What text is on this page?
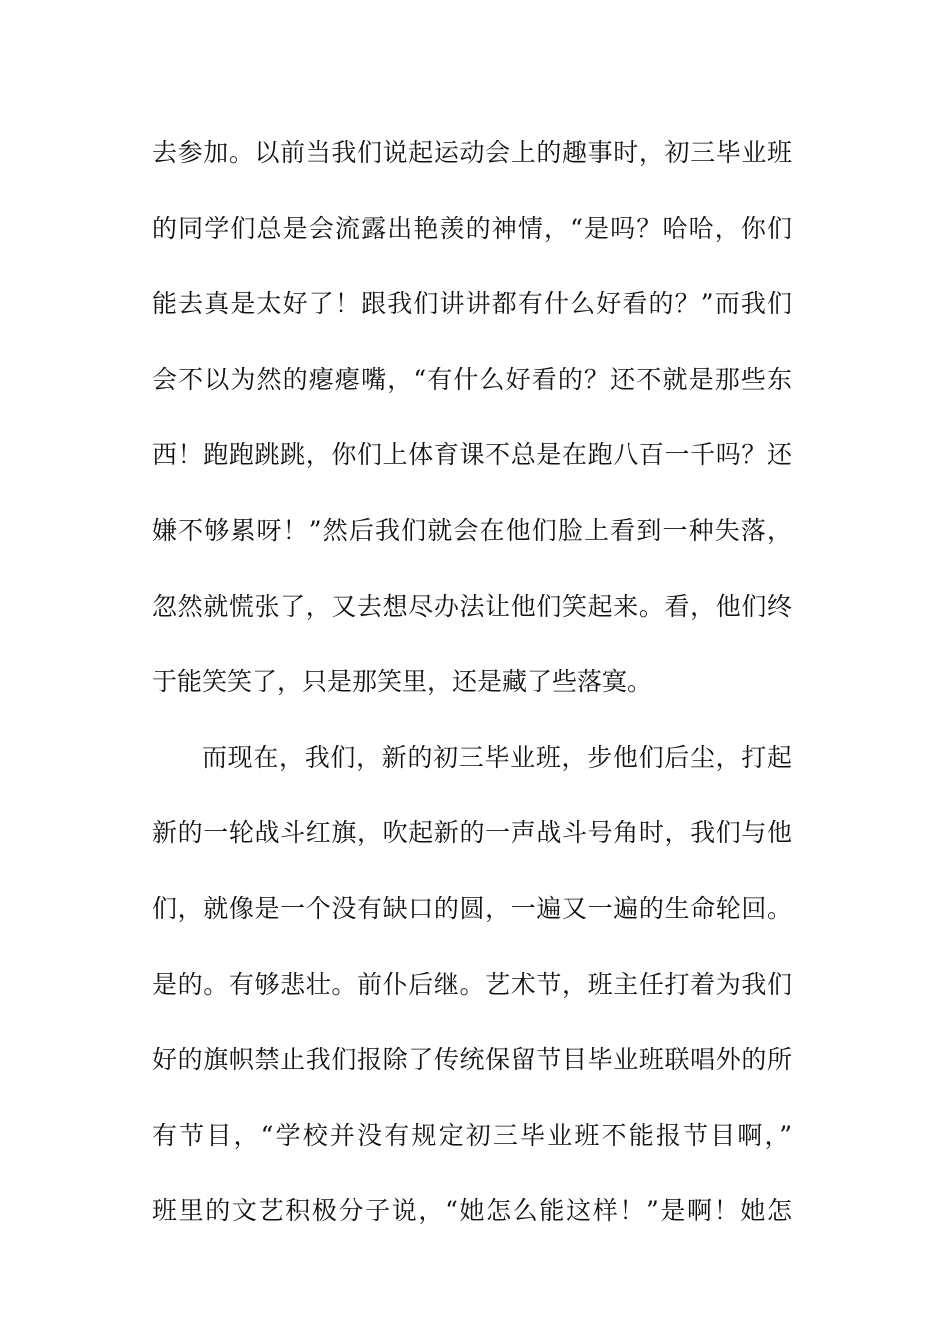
去参加。以前当我们说起运动会上的趣事时，初三毕业班
的同学们总是会流露出艳羡的神情，“是吗？哈哈，你们
能去真是太好了！跟我们讲讲都有什么好看的？”而我们
会不以为然的瘪瘪嘴，“有什么好看的？还不就是那些东
西！跑跑跳跳，你们上体育课不总是在跑八百一千吗？还
嫌不够累呀！”然后我们就会在他们脸上看到一种失落，
忽然就慌张了，又去想尽办法让他们笑起来。看，他们终
于能笑笑了，只是那笑里，还是藏了些落寞。
而现在，我们，新的初三毕业班，步他们后尘，打起
新的一轮战斗红旗，吹起新的一声战斗号角时，我们与他
们，就像是一个没有缺口的圆，一遍又一遍的生命轮回。
是的。有够悲壮。前仆后继。艺术节，班主任打着为我们
好的旗帜禁止我们报除了传统保留节目毕业班联唱外的所
有节目，“学校并没有规定初三毕业班不能报节目啊，”
班里的文艺积极分子说，“她怎么能这样！”是啊！她怎
